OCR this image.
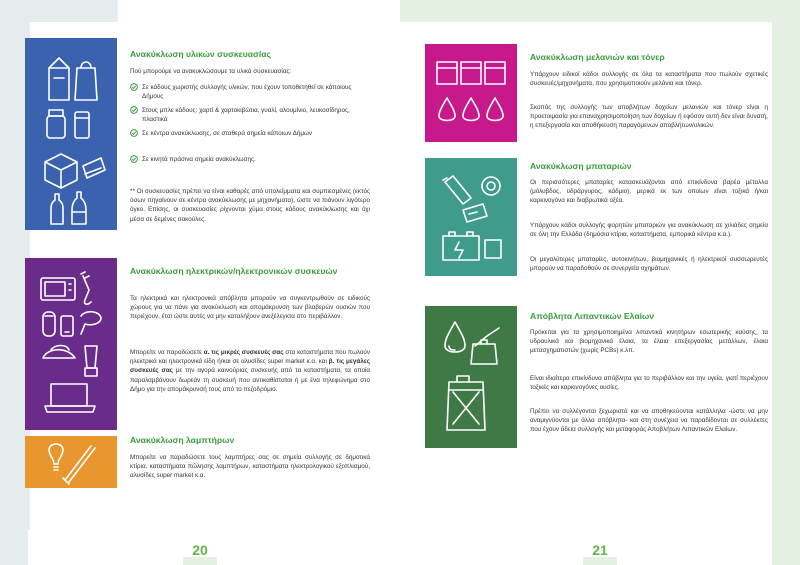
Ανακύκλωση υλικών συσκευασίας

Πού μπορούμε να ανακυκλώσουμε τα υλικά συσκευασίας:

Σε κάδους χωριστής συλλογής υλικών, που έχουν τοποθετηθεί σε κάποιους Δήμους
Στους μπλε κάδους: χαρτί & χαρτοκιβώτια, γυαλί, αλουμίνιο, λευκοσίδηρος, πλαστικά
Σε κέντρα ανακύκλωσης, σε σταθερά σημεία κάποιων Δήμων
Σε κινητά πράσινα σημεία ανακύκλωσης.

** Οι συσκευασίες πρέπει να είναι καθαρές από υπολείμματα και συμπιεσμένες (εκτός όσων πηγαίνουν σε κέντρα ανακύκλωσης με μηχανήματα), ώστε να πιάνουν λιγότερο όγκο. Επίσης, οι συσκευασίες ρίχνονται χύμα στους κάδους ανακύκλωσης και όχι μέσα σε δεμένες σακούλες.

Ανακύκλωση ηλεκτρικών/ηλεκτρονικών συσκευών

Τα ηλεκτρικά και ηλεκτρονικά απόβλητα μπορούν να συγκεντρωθούν σε ειδικούς χώρους για να πάνε για ανακύκλωση και απομάκρυνση των βλαβερών ουσιών που περιέχουν, έτσι ώστε αυτές να μην καταλήξουν ανεξέλεγκτα στο περιβάλλον.

Μπορείτε να παραδώσετε α. τις μικρές συσκευές σας στα καταστήματα που πωλούν ηλεκτρικά και ηλεκτρονικά είδη ή/και σε αλυσίδες super market κ.α. και β. τις μεγάλες συσκευές σας με την αγορά καινούριας συσκευής από τα καταστήματα, τα οποία παραλαμβάνουν δωρεάν τη συσκευή που αντικαθίσταται ή με ένα τηλεφώνημα στο Δήμο για την απομάκρυνσή τους από το πεζοδρόμιο.

Ανακύκλωση λαμπτήρων

Μπορείτε να παραδώσετε τους λαμπτήρες σας σε σημεία συλλογής σε δημοτικά κτίρια, καταστήματα πώλησης λαμπτήρων, καταστήματα ηλεκτρολογικού εξοπλισμού, αλυσίδες super market κ.α.

20
Ανακύκλωση μελανιών και τόνερ

Υπάρχουν ειδικοί κάδοι συλλογής σε όλα τα καταστήματα που πωλούν σχετικές συσκευές/μηχανήματα, που χρησιμοποιούν μελάνια και τόνερ.

Σκοπός της συλλογής των αποβλήτων δοχείων μελανιών και τόνερ είναι η προετοιμασία για επαναχρησιμοποίηση των δοχείων ή εφόσον αυτή δεν είναι δυνατή, η επεξεργασία και αποθήκευση παραγόμενων αποβλήτων/υλικών.

Ανακύκλωση μπαταριών

Οι περισσότερες μπαταρίες κατασκευάζονται από επικίνδυνα βαρέα μέταλλα (μόλυβδος, υδράργυρος, κάδμιο), μερικά εκ των οποίων είναι τοξικά ή/και καρκινογόνα και διαβρωτικά οξέα.

Υπάρχουν κάδοι συλλογής φορητών μπαταριών για ανακύκλωση σε χιλιάδες σημεία σε όλη την Ελλάδα (δημόσια κτίρια, καταστήματα, εμπορικά κέντρα κ.α.).

Οι μεγαλύτερες μπαταρίες, αυτοκινήτων, βιομηχανικές ή ηλεκτρικοί συσσωρευτές μπορούν να παραδοθούν σε συνεργεία οχημάτων.

Απόβλητα Λιπαντικών Ελαίων

Πρόκειται για τα χρησιμοποιημένα λιπαντικά κινητήρων εσωτερικής καύσης, τα υδραυλικά και βιομηχανικά έλαια, τα έλαια επεξεργασίας μετάλλων, έλαια μετασχηματιστών (χωρίς PCBs) κ.λπ.

Είναι ιδιαίτερα επικίνδυνα απόβλητα για το περιβάλλον και την υγεία, γιατί περιέχουν τοξικές και καρκινογόνες ουσίες.

Πρέπει να συλλέγονται ξεχωριστά και να αποθηκεύονται κατάλληλα -ώστε να μην αναμιγνύονται με άλλα απόβλητα- και στη συνέχεια να παραδίδονται σε συλλέκτες που έχουν άδεια συλλογής και μεταφοράς Αποβλήτων Λιπαντικών Ελαίων.

21
